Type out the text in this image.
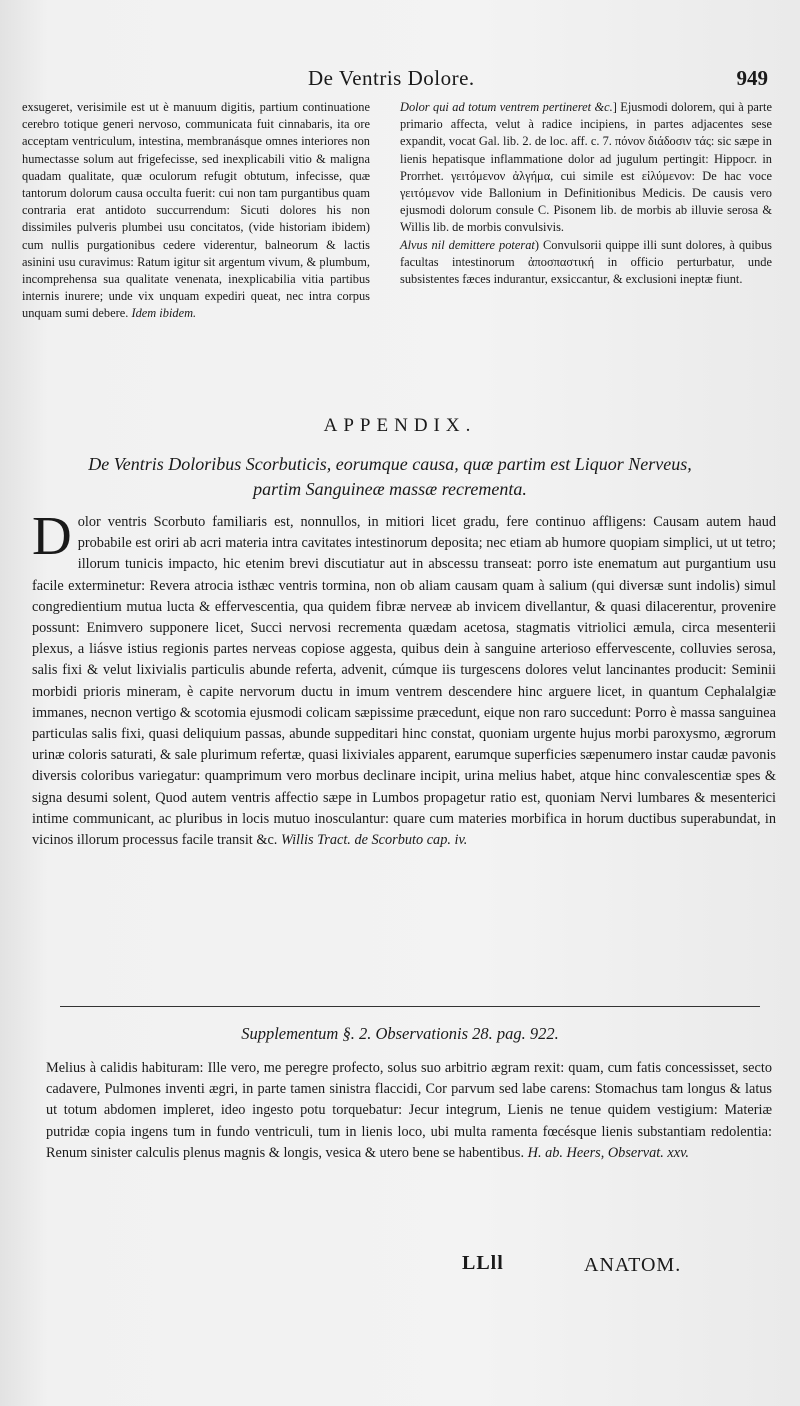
De Ventris Dolore.	949

exsugeret, verisimile est ut è manuum digitis, partium continuatione cerebro totique generi nervoso, communicata fuit cinnabaris, ita ore acceptam ventriculum, intestina, membranásque omnes interiores non humectasse solum aut frigefecisse, sed inexplicabili vitio & maligna quadam qualitate, quæ oculorum refugit obtutum, infecisse, quæ tantorum dolorum causa occulta fuerit: cui non tam purgantibus quam contraria erat antidoto succurrendum: Sicuti dolores his non dissimiles pulveris plumbei usu concitatos, (vide historiam ibidem) cum nullis purgationibus cedere viderentur, balneorum & lactis asinini usu curavimus: Ratum igitur sit argentum vivum, & plumbum, incomprehensa sua qualitate venenata, inexplicabilia vitia partibus internis inurere; unde vix unquam expediri queat, nec intra corpus unquam sumi debere. Idem ibidem.

Dolor qui ad totum ventrem pertineret &c.] Ejusmodi dolorem, qui à parte primario affecta, velut à radice incipiens, in partes adjacentes sese expandit, vocat Gal. lib. 2. de loc. aff. c. 7. πόνον διάδοσιν τάς: sic sæpe in lienis hepatisque inflammatione dolor ad jugulum pertingit: Hippocr. in Prorrhet. γειτόμενον ἀλγήμα, cui simile est εἰλύμενον: De hac voce γειτόμενον vide Ballonium in Definitionibus Medicis. De causis vero ejusmodi dolorum consule C. Pisonem lib. de morbis ab illuvie serosa & Willis lib. de morbis convulsivis.

Alvus nil demittere poterat) Convulsorii quippe illi sunt dolores, à quibus facultas intestinorum ἀποσπαστική in officio perturbatur, unde subsistentes fæces indurantur, exsiccantur, & exclusioni ineptæ fiunt.

APPENDIX.
De Ventris Doloribus Scorbuticis, eorumque causa, quæ partim est Liquor Nerveus, partim Sanguineæ massæ recrementa.

Dolor ventris Scorbuto familiaris est, nonnullos, in mitiori licet gradu, fere continuo affligens: Causam autem haud probabile est oriri ab acri materia intra cavitates intestinorum deposita; nec etiam ab humore quopiam simplici, ut ut tetro; illorum tunicis impacto, hic etenim brevi discutiatur aut in abscessu transeat: porro iste enematum aut purgantium usu facile exterminetur: Revera atrocia isthæc ventris tormina, non ob aliam causam quam à salium (qui diversæ sunt indolis) simul congredientium mutua lucta & effervescentia, qua quidem fibræ nerveæ ab invicem divellantur, & quasi dilacerentur, provenire possunt: Enimvero supponere licet, Succi nervosi recrementa quædam acetosa, stagmatis vitriolici æmula, circa mesenterii plexus, a liásve istius regionis partes nerveas copiose aggesta, quibus dein à sanguine arterioso effervescente, colluvies serosa, salis fixi & velut lixivialis particulis abunde referta, advenit, cúmque iis turgescens dolores velut lancinantes producit: Seminii morbidi prioris mineram, è capite nervorum ductu in imum ventrem descendere hinc arguere licet, in quantum Cephalalgiæ immanes, necnon vertigo & scotomia ejusmodi colicam sæpissime præcedunt, eique non raro succedunt: Porro è massa sanguinea particulas salis fixi, quasi deliquium passas, abunde suppeditari hinc constat, quoniam urgente hujus morbi paroxysmo, ægrorum urinæ coloris saturati, & sale plurimum refertæ, quasi lixiviales apparent, earumque superficies sæpenumero instar caudæ pavonis diversis coloribus variegatur: quamprimum vero morbus declinare incipit, urina melius habet, atque hinc convalescentiæ spes & signa desumi solent, Quod autem ventris affectio sæpe in Lumbos propagetur ratio est, quoniam Nervi lumbares & mesenterici intime communicant, ac pluribus in locis mutuo inosculantur: quare cum materies morbifica in horum ductibus superabundat, in vicinos illorum processus facile transit &c. Willis Tract. de Scorbuto cap. iv.

Supplementum §. 2. Observationis 28. pag. 922.

Melius à calidis habituram: Ille vero, me peregre profecto, solus suo arbitrio ægram rexit: quam, cum fatis concessisset, secto cadavere, Pulmones inventi ægri, in parte tamen sinistra flaccidi, Cor parvum sed labe carens: Stomachus tam longus & latus ut totum abdomen impleret, ideo ingesto potu torquebatur: Jecur integrum, Lienis ne tenue quidem vestigium: Materiæ putridæ copia ingens tum in fundo ventriculi, tum in lienis loco, ubi multa ramenta fœcésque lienis substantiam redolentia: Renum sinister calculis plenus magnis & longis, vesica & utero bene se habentibus. H. ab. Heers, Observat. xxv.

LLll	ANATOM.
